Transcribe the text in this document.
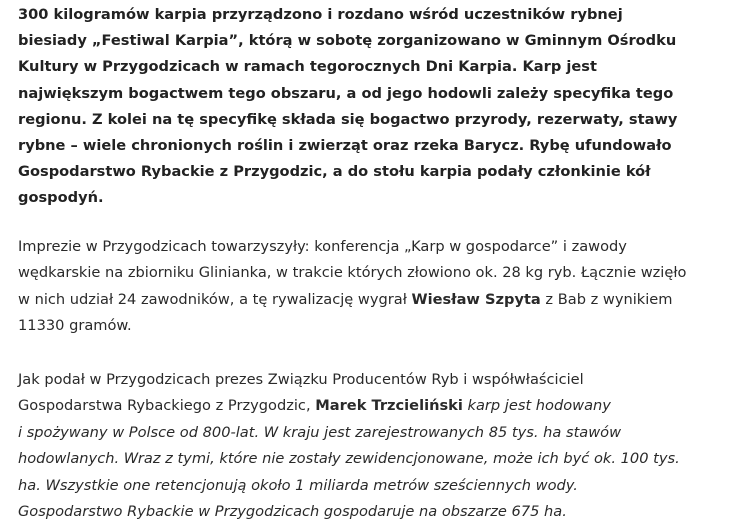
300 kilogramów karpia przyrządzono i rozdano wśród uczestników rybnej
biesiady „Festiwal Karpia”, którą w sobotę zorganizowano w Gminnym Ośrodku
Kultury w Przygodzicach w ramach tegorocznych Dni Karpia. Karp jest
największym bogactwem tego obszaru, a od jego hodowli zależy specyfika tego
regionu. Z kolei na tę specyfikę składa się bogactwo przyrody, rezerwaty, stawy
rybne – wiele chronionych roślin i zwierząt oraz rzeka Barycz. Rybę ufundowało
Gospodarstwo Rybackie z Przygodzic, a do stołu karpia podały członkinie kół
gospodyń.

Imprezie w Przygodzicach towarzyszyły: konferencja „Karp w gospodarce” i zawody
wędkarskie na zbiorniku Glinianka, w trakcie których złowiono ok. 28 kg ryb. Łącznie wzięło
w nich udział 24 zawodników, a tę rywalizację wygrał Wiesław Szpyta z Bab z wynikiem
11330 gramów.

Jak podał w Przygodzicach prezes Związku Producentów Ryb i współwłaściciel
Gospodarstwa Rybackiego z Przygodzic, Marek Trzcieliński karp jest hodowany
i spożywany w Polsce od 800-lat. W kraju jest zarejestrowanych 85 tys. ha stawów
hodowlanych. Wraz z tymi, które nie zostały zewidencjonowane, może ich być ok. 100 tys.
ha. Wszystkie one retencjonują około 1 miliarda metrów sześciennych wody.
Gospodarstwo Rybackie w Przygodzicach gospodaruje na obszarze 675 ha.
